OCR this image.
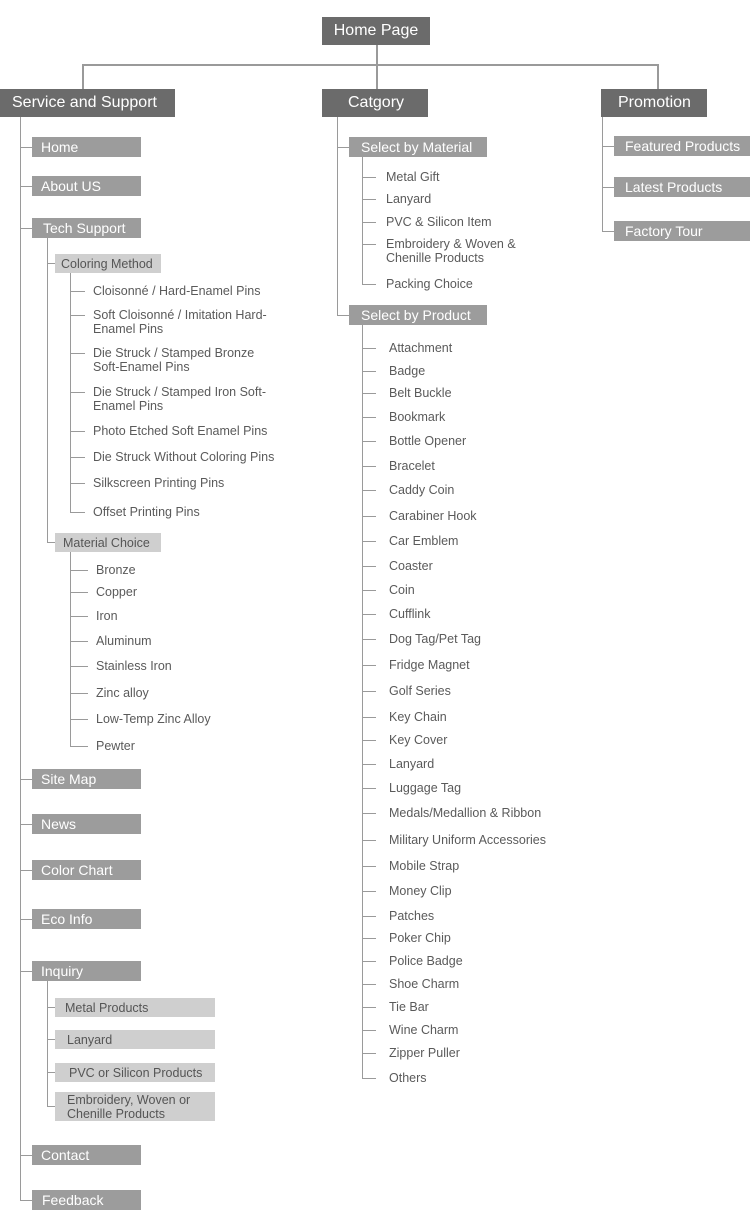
Home Page
Service and Support	Catgory	Promotion
Home
About US
Tech Support
Coloring Method
Cloisonné / Hard-Enamel Pins
Soft Cloisonné / Imitation Hard-Enamel Pins
Die Struck / Stamped Bronze Soft-Enamel Pins
Die Struck / Stamped Iron Soft-Enamel Pins
Photo Etched Soft Enamel Pins
Die Struck Without Coloring Pins
Silkscreen Printing Pins
Offset Printing Pins
Material Choice
Bronze
Copper
Iron
Aluminum
Stainless Iron
Zinc alloy
Low-Temp Zinc Alloy
Pewter
Site Map
News
Color Chart
Eco Info
Inquiry
Metal Products
Lanyard
PVC or Silicon Products
Embroidery, Woven or Chenille Products
Contact
Feedback
Select by Material
Metal Gift
Lanyard
PVC & Silicon Item
Embroidery & Woven & Chenille Products
Packing Choice
Select by Product
Attachment
Badge
Belt Buckle
Bookmark
Bottle Opener
Bracelet
Caddy Coin
Carabiner Hook
Car Emblem
Coaster
Coin
Cufflink
Dog Tag/Pet Tag
Fridge Magnet
Golf Series
Key Chain
Key Cover
Lanyard
Luggage Tag
Medals/Medallion & Ribbon
Military Uniform Accessories
Mobile Strap
Money Clip
Patches
Poker Chip
Police Badge
Shoe Charm
Tie Bar
Wine Charm
Zipper Puller
Others
Featured Products
Latest Products
Factory Tour
